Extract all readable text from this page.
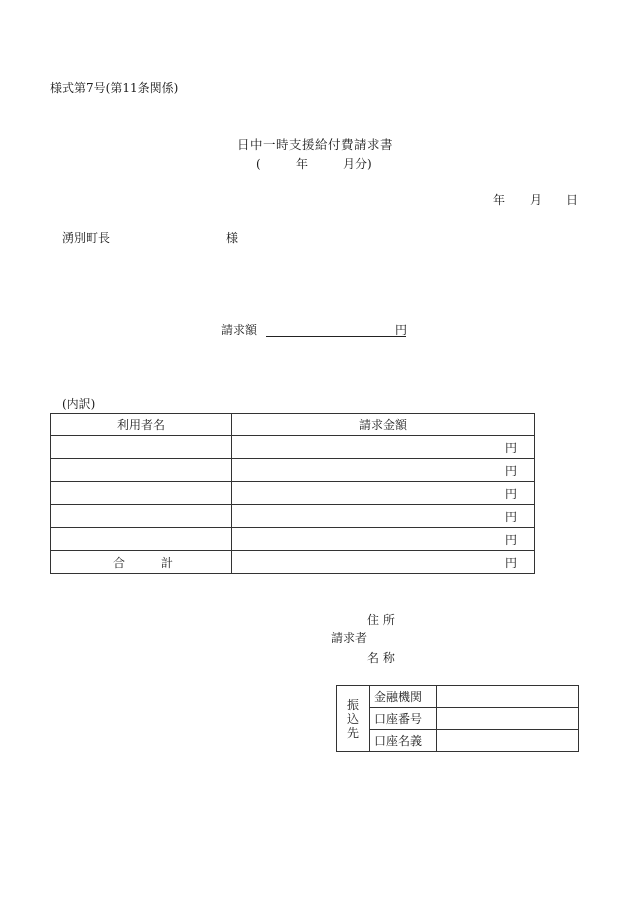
様式第7号(第11条関係)
日中一時支援給付費請求書
(	年	月分)
年 月 日
湧別町長	様
請求額	円
(内訳)
利用者名	請求金額
	円
	円
	円
	円
	円
合 計	円
住 所
請求者
名 称
振
込
先	金融機関	
	口座番号	
	口座名義	
